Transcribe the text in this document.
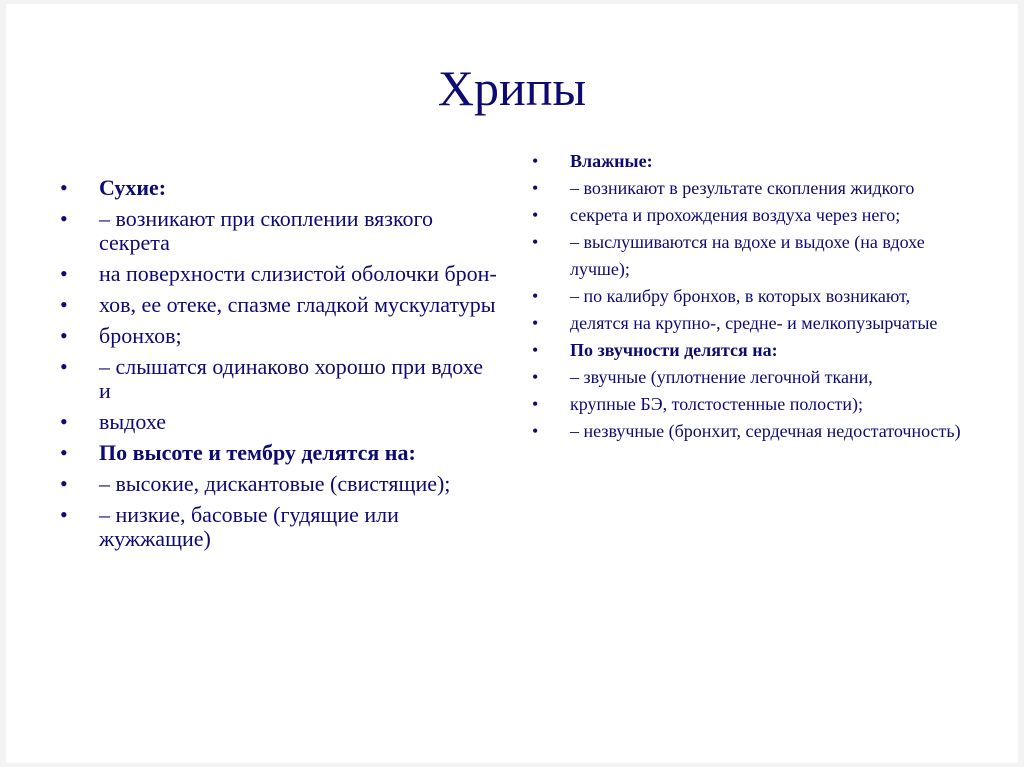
Хрипы
• Сухие:
• – возникают при скоплении вязкого секрета
• на поверхности слизистой оболочки брон-
• хов, ее отеке, спазме гладкой мускулатуры
• бронхов;
• – слышатся одинаково хорошо при вдохе и
• выдохе
• По высоте и тембру делятся на:
• – высокие, дискантовые (свистящие);
• – низкие, басовые (гудящие или жужжащие)
• Влажные:
• – возникают в результате скопления жидкого
• секрета и прохождения воздуха через него;
• – выслушиваются на вдохе и выдохе (на вдохе лучше);
• – по калибру бронхов, в которых возникают,
• делятся на крупно-, средне- и мелкопузырчатые
• По звучности делятся на:
• – звучные (уплотнение легочной ткани,
• крупные БЭ, толстостенные полости);
• – незвучные (бронхит, сердечная недостаточность)
